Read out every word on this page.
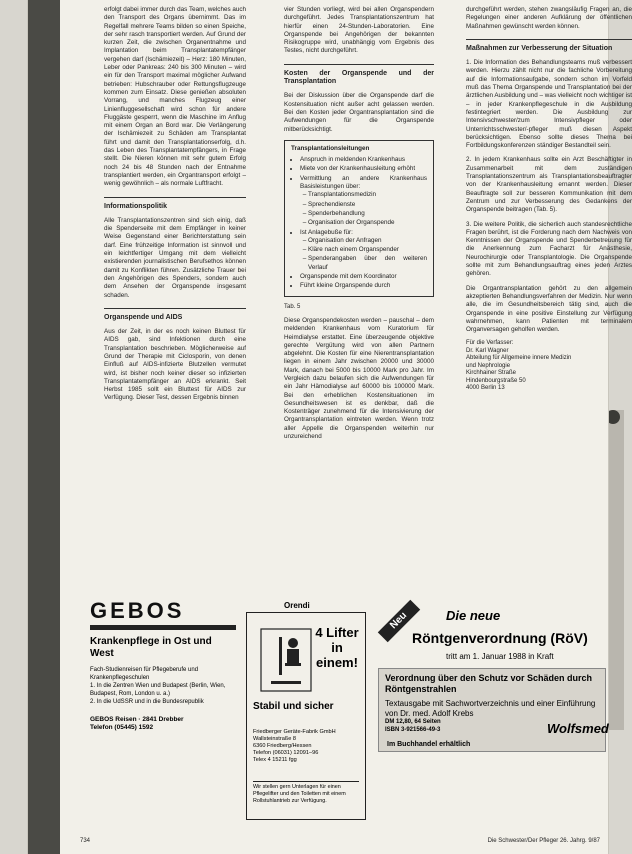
erfolgt dabei immer durch das Team, welches auch den Transport des Organs übernimmt. Das im Regelfall mehrere Teams bilden so einen Speiche, der sehr rasch transportiert werden. Auf Grund der kurzen Zeit, die zwischen Organentnahme und Implantation beim Transplantatempfänger vergehen darf (Ischämiezeit) – Herz: 180 Minuten, Leber oder Pankreas: 240 bis 300 Minuten – wird ein für den Transport maximal möglicher Aufwand betrieben: Hubschrauber oder Rettungsflugzeuge kommen zum Einsatz. Diese genießen absoluten Vorrang, und manches Flugzeug einer Linienfluggesellschaft wird schon für andere Fluggäste gesperrt, wenn die Maschine im Anflug mit einem Organ an Bord war. Die Verlängerung der Ischämiezeit zu Schäden am Transplantat führt und damit den Transplantationserfolg, d.h. das Leben des Transplantatempfängers, in Frage stellt. Die Nieren können mit sehr gutem Erfolg noch 24 bis 48 Stunden nach der Entnahme transplantiert werden, ein Organtransport erfolgt – wenig gewöhnlich – als normale Luftfracht.

Informationspolitik

Alle Transplantationszentren sind sich einig, daß die Spenderseite mit dem Empfänger in keiner Weise Gegenstand einer Berichterstattung sein darf. Eine frühzeitige Information ist sinnvoll und ein leichtfertiger Umgang mit dem vielleicht existierenden journalistischen Berufsethos können damit zu Konflikten führen. Zusätzliche Trauer bei den Angehörigen des Spenders, sondern auch dem Ansehen der Organspende insgesamt schaden.

Organspende und AIDS

Aus der Zeit, in der es noch keinen Bluttest für AIDS gab, sind Infektionen durch eine Transplantation beschrieben. Möglicherweise auf Grund der Therapie mit Ciclosporin, von denen Einfluß auf AIDS-infizierte Blutzellen vermutet wird, ist bisher noch keiner dieser so infizierten Transplantatempfänger an AIDS erkrankt. Seit Herbst 1985 sollt ein Bluttest für AIDS zur Verfügung. Dieser Test, dessen Ergebnis binnen

vier Stunden vorliegt, wird bei allen Organspendern durchgeführt. Jedes Transplantationszentrum hat hierfür einen 24-Stunden-Laboratorien. Eine Organspende bei Angehörigen der bekannten Risikogruppe wird, unabhängig vom Ergebnis des Testes, nicht durchgeführt.

Kosten der Organspende und der Transplantation

Bei der Diskussion über die Organspende darf die Kostensituation nicht außer acht gelassen werden. Bei den Kosten jeder Organtransplantation sind die Aufwendungen für die Organspende mitberücksichtigt.

Transplantationsleitungen
• Anspruch in meldenden Krankenhaus
• Miete von der Krankenhausleitung erhöht
• Vermittlung an andere Krankenhaus Basisleistungen über:
– Transplantationsmedizin
– Sprechendienste
– Spenderbehandlung
– Organisation der Organspende
• Ist Anlagebuße für:
– Organisation der Anfragen
– Kläre nach einem Organspender
– Spenderangaben über den weiteren Verlauf
• Organspende mit dem Koordinator
• Führt kleine Organspende durch
Tab. 5

Diese Organspendekosten werden – pauschal – dem meldenden Krankenhaus vom Kuratorium für Heimdialyse erstattet. Eine überzeugende objektive gerechte Vergütung wird von allen Partnern abgelehnt. Die Kosten für eine Nierentransplantation liegen in einem Jahr zwischen 20000 und 30000 Mark, danach bei 5000 bis 10000 Mark pro Jahr. Im Vergleich dazu belaufen sich die Aufwendungen für ein Jahr Hämodialyse auf 60000 bis 100000 Mark. Bei den erheblichen Kostensituationen im Gesundheitswesen ist es denkbar, daß die Kostenträger zunehmend für die Intensivierung der Organtransplantation eintreten werden. Wenn trotz aller Appelle die Organspenden weiterhin nur unzureichend

durchgeführt werden, stehen zwangsläufig Fragen an, die Regelungen einer anderen Aufklärung der öffentlichen Maßnahmen gewünscht werden können.

Maßnahmen zur Verbesserung der Situation

1. Die Information des Behandlungsteams muß verbessert werden. Hierzu zählt nicht nur die fachliche Vorbereitung auf die Informationsaufgabe, sondern schon im Vorfeld muß das Thema Organspende und Transplantation bei der ärztlichen Ausbildung und – was vielleicht noch wichtiger ist – in jeder Krankenpflegeschule in die Ausbildung festintegriert werden. Die Ausbildung zur Intensivschwester/zum Intensivpfleger oder Unterrichtsschwester/-pfleger muß diesen Aspekt berücksichtigen. Ebenso sollte dieses Thema bei Fortbildungskonferenzen ständiger Bestandteil sein.

2. In jedem Krankenhaus sollte ein Arzt Beschäftigter in Zusammenarbeit mit dem zuständigen Transplantationszentrum als Transplantationsbeauftragter von der Krankenhausleitung ernannt werden. Dieser Beauftragte soll zur besseren Kommunikation mit dem Zentrum und zur Verbesserung des Gedankens der Organspende beitragen (Tab. 5).

3. Die weitere Politik, die sicherlich auch standesrechtliche Fragen berührt, ist die Forderung nach dem Nachweis von Kenntnissen der Organspende und Spenderbetreuung für die Anerkennung zum Facharzt für Anästhesie, Neurochirurgie oder Transplantologie. Die Organspende sollte mit zum Behandlungsauftrag eines jeden Arztes gehören.

Die Organtransplantation gehört zu den allgemein akzeptierten Behandlungsverfahren der Medizin. Nur wenn alle, die im Gesundheitsbereich tätig sind, auch die Organspende in eine positive Einstellung zur Verfügung wahrnehmen, kann Patienten mit terminalem Organversagen geholfen werden.

Für die Verfasser:
Dr. Karl Wagner
Abteilung für Allgemeine innere Medizin
und Nephrologie
Kirchhainer Straße
Hindenbourgstraße 50
4000 Berlin 13
GEBOS
Krankenpflege in Ost und West
Fach-Studienreisen für Pflegeberufe und Krankenpflegeschulen
1. In die Zentren Wien und Budapest (Berlin, Wien, Budapest, Rom, London u. a.)
2. In die UdSSR und in die Bundesrepublik
GEBOS Reisen · 2841 Drebber
Telefon (05445) 1592
Orendi
4 Lifter in einem!
Stabil und sicher
Friedberger Geräte-Fabrik GmbH
Wallsteinstraße 8
6360 Friedberg/Hessen
Telefon (06031) 12091–96
Telex 4 15211 fgg
Wir stellen gern Unterlagen für einen Pflegelifter und den Toiletten mit einem Rollstuhlantrieb zur Verfügung.
Neu	Die neue
Röntgenverordnung (RöV)
tritt am 1. Januar 1988 in Kraft
Verordnung über den Schutz vor Schäden durch Röntgenstrahlen
Textausgabe mit Sachwortverzeichnis und einer Einführung von Dr. med. Adolf Krebs
DM 12,80, 64 Seiten
ISBN 3-921566-49-3	Wolfsmed
Im Buchhandel erhältlich
734	Die Schwester/Der Pfleger 26. Jahrg. 9/87
